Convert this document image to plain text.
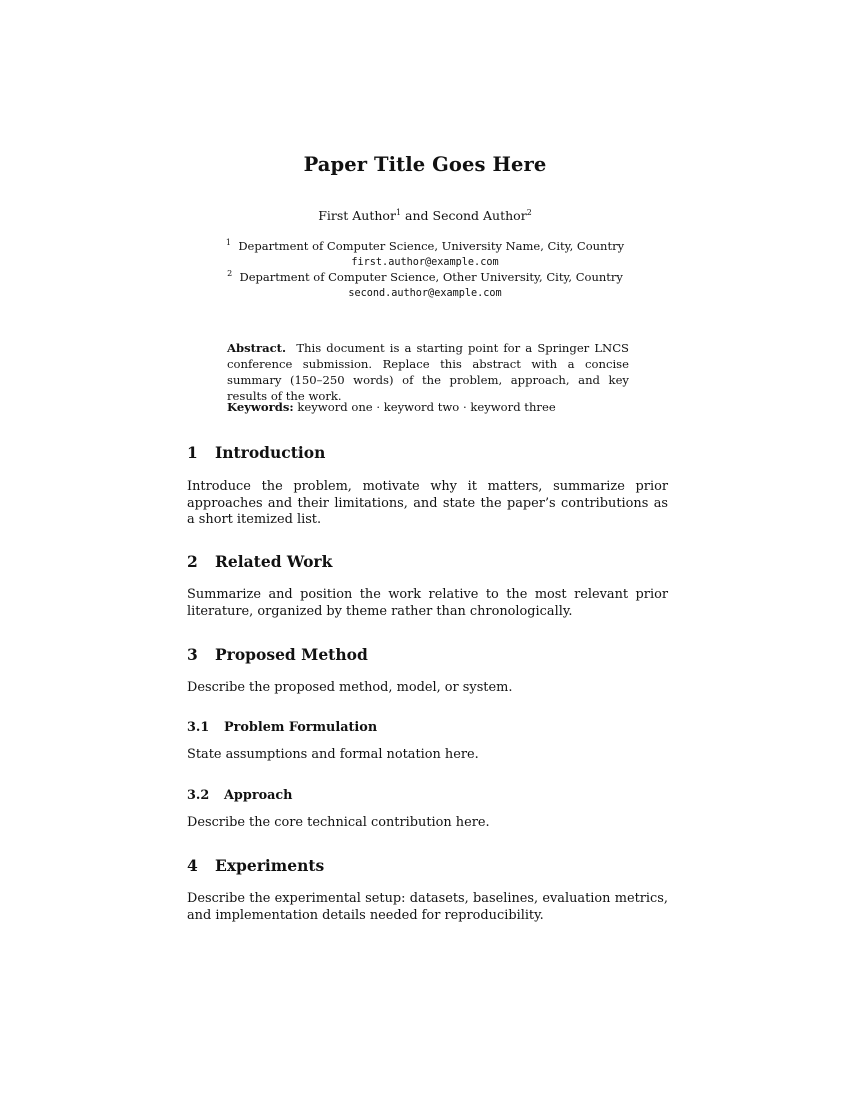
Paper Title Goes Here
First Author$^1$ and Second Author$^2$
$^1$ Department of Computer Science, University Name, City, Country
first.author@example.com
$^2$ Department of Computer Science, Other University, City, Country
second.author@example.com
Abstract. This document is a starting point for a Springer LNCS conference submission. Replace this abstract with a concise summary (150–250 words) of the problem, approach, and key results of the work.
Keywords: keyword one · keyword two · keyword three
1 Introduction
Introduce the problem, motivate why it matters, summarize prior approaches and their limitations, and state the paper’s contributions as a short itemized list.
2 Related Work
Summarize and position the work relative to the most relevant prior literature, organized by theme rather than chronologically.
3 Proposed Method
Describe the proposed method, model, or system.
3.1 Problem Formulation
State assumptions and formal notation here.
3.2 Approach
Describe the core technical contribution here.
4 Experiments
Describe the experimental setup: datasets, baselines, evaluation metrics, and implementation details needed for reproducibility.
